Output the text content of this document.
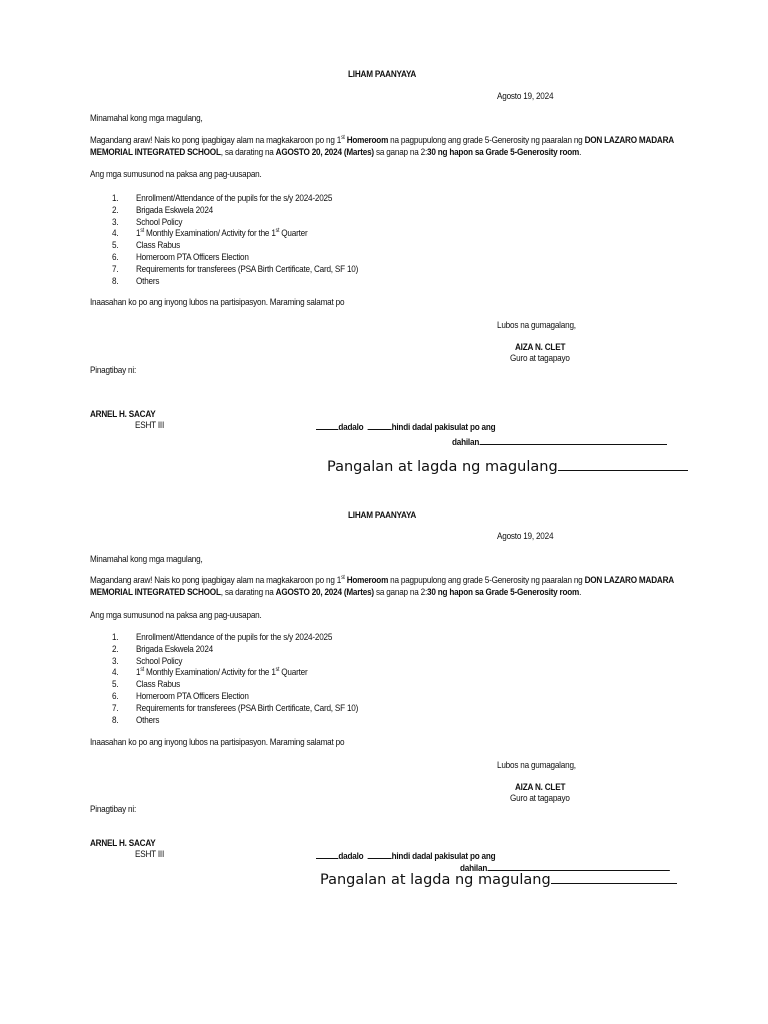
LIHAM PAANYAYA
Agosto 19, 2024
Minamahal kong mga magulang,
Magandang araw! Nais ko pong ipagbigay alam na magkakaroon po ng 1st Homeroom na pagpupulong ang grade 5-Generosity ng paaralan ng DON LAZARO MADARA MEMORIAL INTEGRATED SCHOOL, sa darating na AGOSTO 20, 2024 (Martes) sa ganap na 2:30 ng hapon sa Grade 5-Generosity room.
Ang mga sumusunod na paksa ang pag-uusapan.
1. Enrollment/Attendance of the pupils for the s/y 2024-2025
2. Brigada Eskwela 2024
3. School Policy
4. 1st Monthly Examination/ Activity for the 1st Quarter
5. Class Rabus
6. Homeroom PTA Officers Election
7. Requirements for transferees (PSA Birth Certificate, Card, SF 10)
8. Others
Inaasahan ko po ang inyong lubos na partisipasyon. Maraming salamat po
Lubos na gumagalang,
AIZA N. CLET
Guro at tagapayo
Pinagtibay ni:
ARNEL H. SACAY
ESHT III	dadalo	hindi dadal pakisulat po ang
dahilan
Pangalan at lagda ng magulang
LIHAM PAANYAYA
Agosto 19, 2024
Minamahal kong mga magulang,
Magandang araw! Nais ko pong ipagbigay alam na magkakaroon po ng 1st Homeroom na pagpupulong ang grade 5-Generosity ng paaralan ng DON LAZARO MADARA MEMORIAL INTEGRATED SCHOOL, sa darating na AGOSTO 20, 2024 (Martes) sa ganap na 2:30 ng hapon sa Grade 5-Generosity room.
Ang mga sumusunod na paksa ang pag-uusapan.
1. Enrollment/Attendance of the pupils for the s/y 2024-2025
2. Brigada Eskwela 2024
3. School Policy
4. 1st Monthly Examination/ Activity for the 1st Quarter
5. Class Rabus
6. Homeroom PTA Officers Election
7. Requirements for transferees (PSA Birth Certificate, Card, SF 10)
8. Others
Inaasahan ko po ang inyong lubos na partisipasyon. Maraming salamat po
Lubos na gumagalang,
AIZA N. CLET
Guro at tagapayo
Pinagtibay ni:
ARNEL H. SACAY
ESHT III	dadalo	hindi dadal pakisulat po ang
dahilan
Pangalan at lagda ng magulang
